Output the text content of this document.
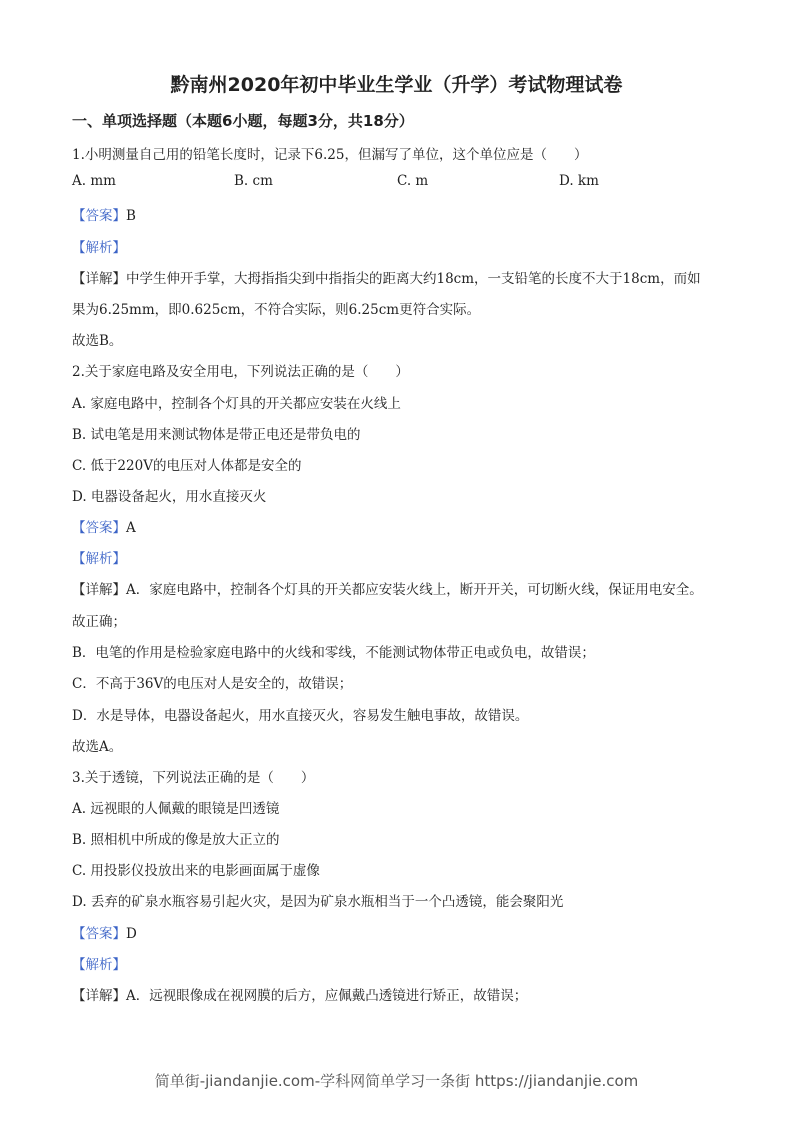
黔南州2020年初中毕业生学业（升学）考试物理试卷
一、单项选择题（本题6小题，每题3分，共18分）
1.小明测量自己用的铅笔长度时，记录下6.25，但漏写了单位，这个单位应是（　　）
A. mm	B. cm	C. m	D. km
【答案】B
【解析】
【详解】中学生伸开手掌，大拇指指尖到中指指尖的距离大约18cm，一支铅笔的长度不大于18cm，而如
果为6.25mm，即0.625cm，不符合实际，则6.25cm更符合实际。
故选B。
2.关于家庭电路及安全用电，下列说法正确的是（　　）
A. 家庭电路中，控制各个灯具的开关都应安装在火线上
B. 试电笔是用来测试物体是带正电还是带负电的
C. 低于220V的电压对人体都是安全的
D. 电器设备起火，用水直接灭火
【答案】A
【解析】
【详解】A．家庭电路中，控制各个灯具的开关都应安装火线上，断开开关，可切断火线，保证用电安全。
故正确；
B．电笔的作用是检验家庭电路中的火线和零线，不能测试物体带正电或负电，故错误；
C．不高于36V的电压对人是安全的，故错误；
D．水是导体，电器设备起火，用水直接灭火，容易发生触电事故，故错误。
故选A。
3.关于透镜，下列说法正确的是（　　）
A. 远视眼的人佩戴的眼镜是凹透镜
B. 照相机中所成的像是放大正立的
C. 用投影仪投放出来的电影画面属于虚像
D. 丢弃的矿泉水瓶容易引起火灾，是因为矿泉水瓶相当于一个凸透镜，能会聚阳光
【答案】D
【解析】
【详解】A．远视眼像成在视网膜的后方，应佩戴凸透镜进行矫正，故错误；
简单街-jiandanjie.com-学科网简单学习一条街 https://jiandanjie.com
